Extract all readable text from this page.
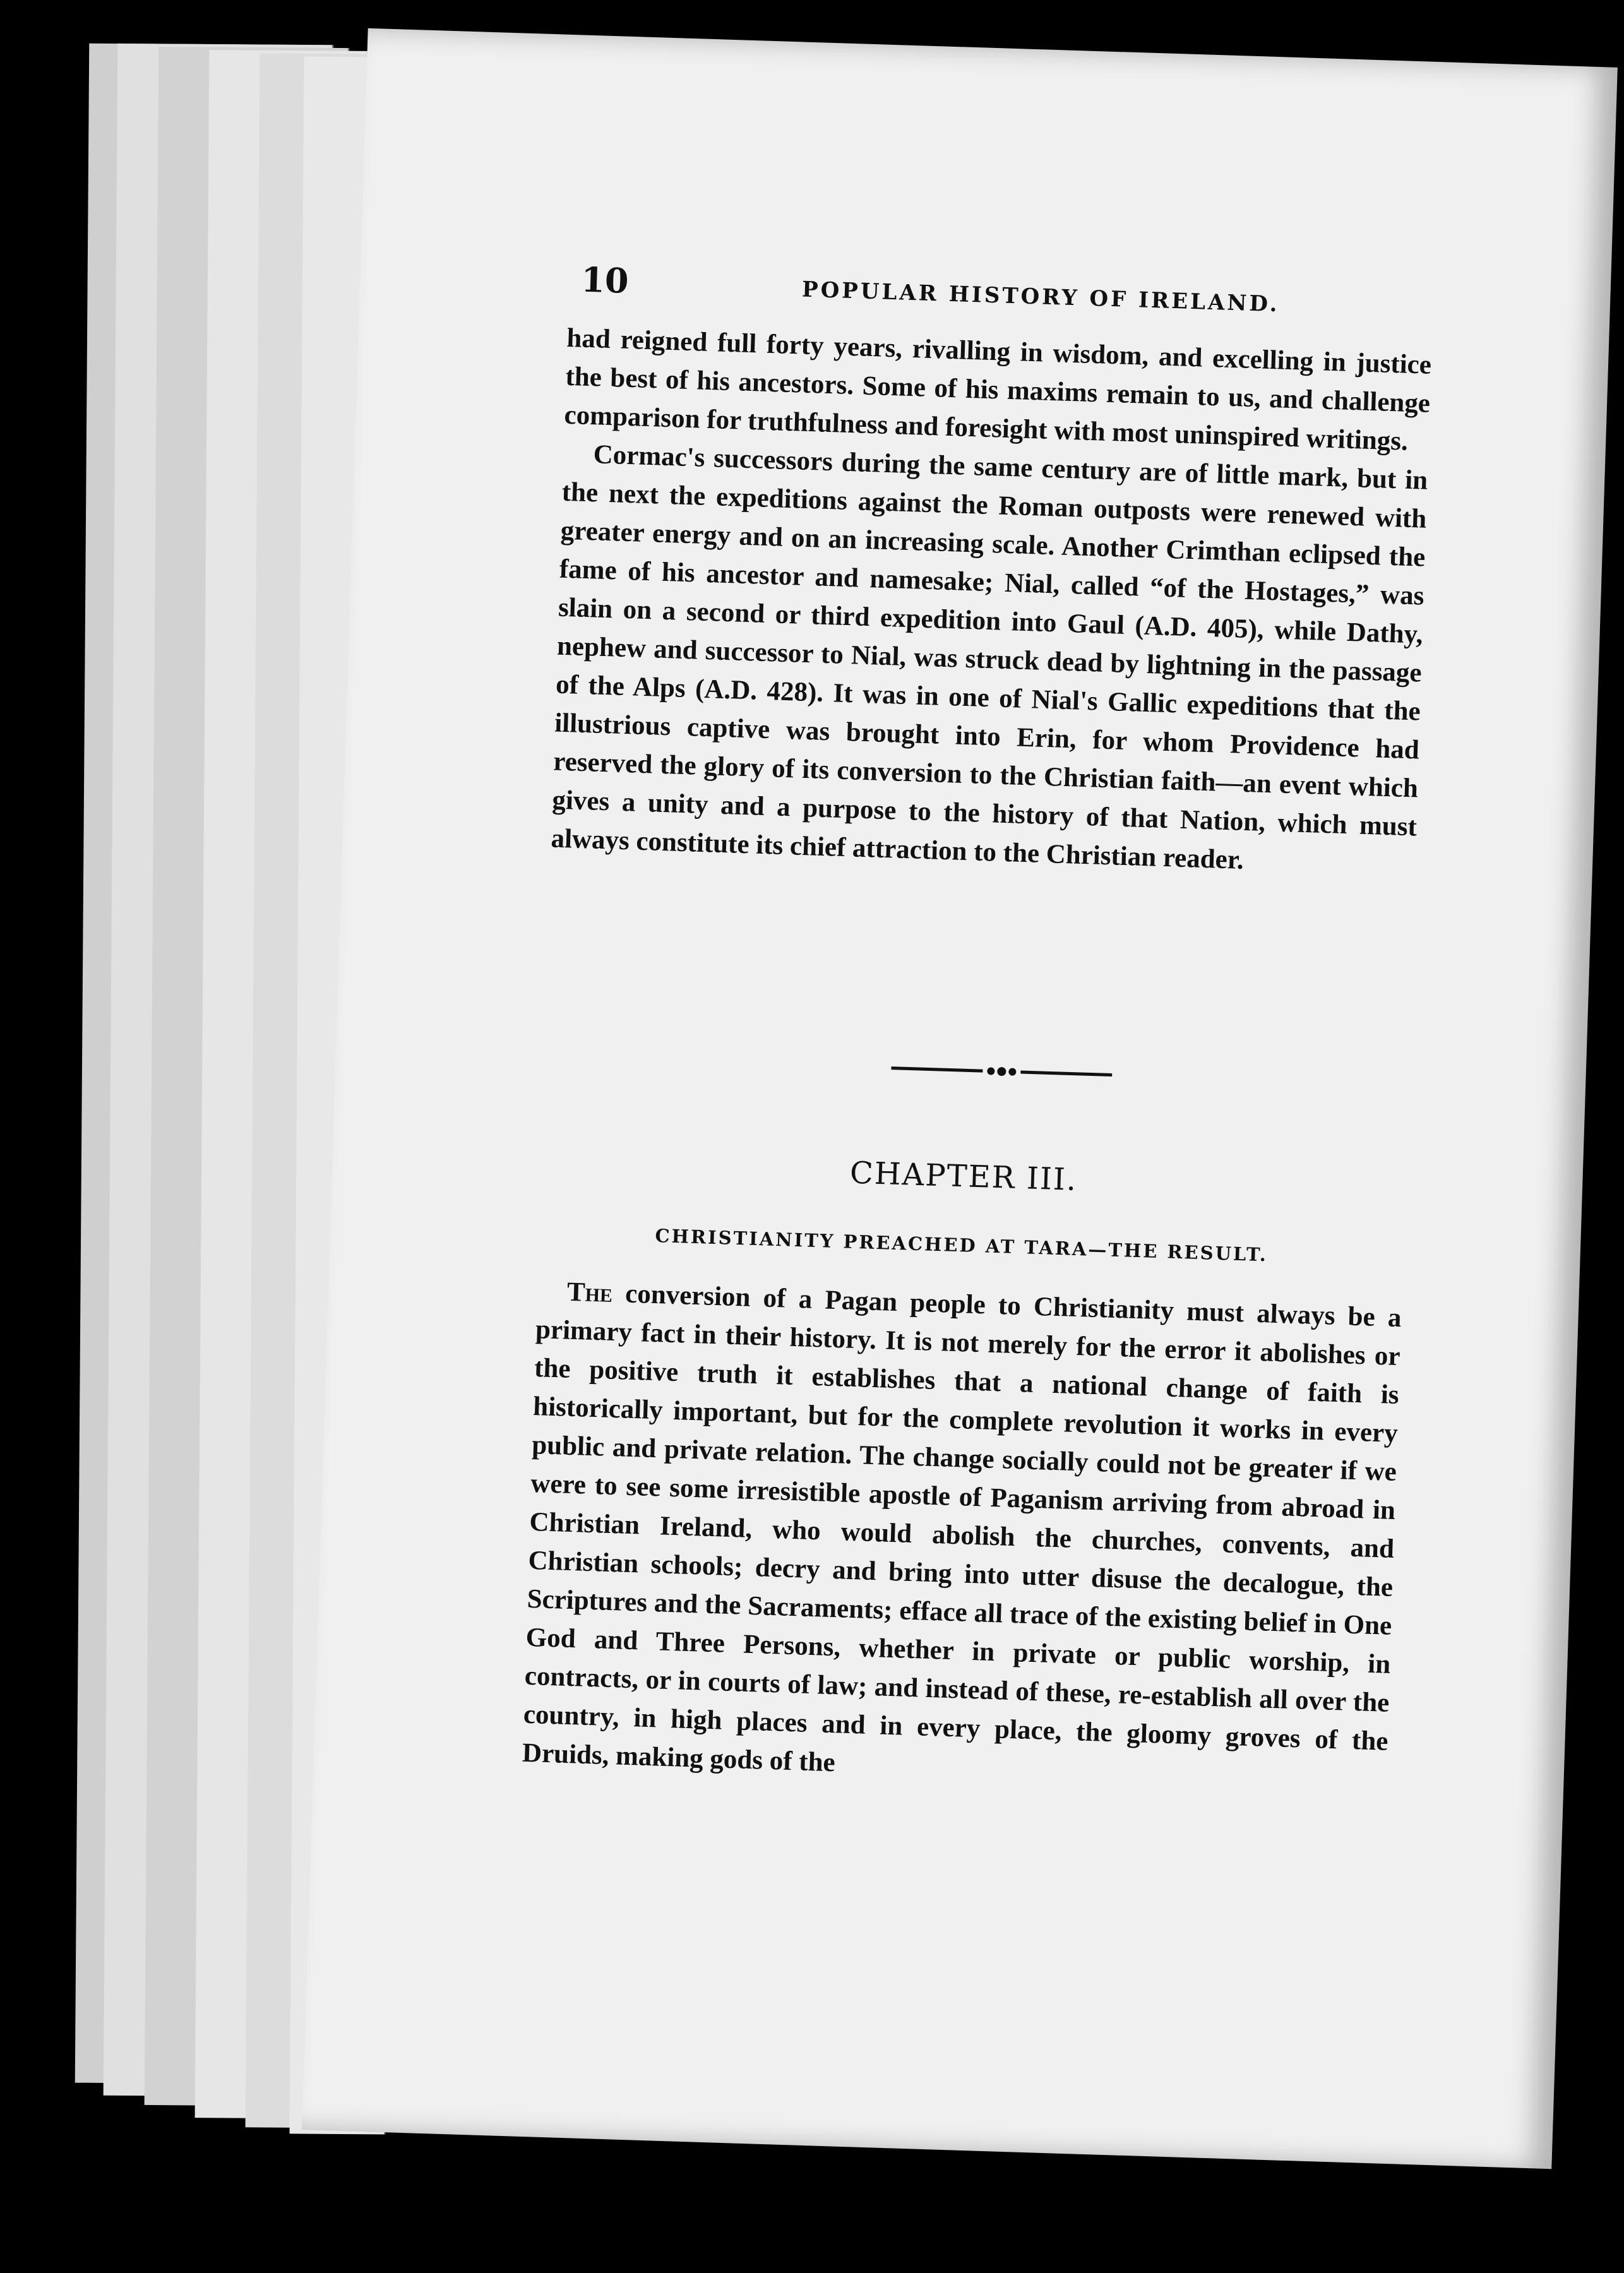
10	POPULAR HISTORY OF IRELAND.

had reigned full forty years, rivalling in wisdom, and excelling in justice the best of his ancestors. Some of his maxims remain to us, and challenge comparison for truthfulness and foresight with most uninspired writings.

Cormac's successors during the same century are of little mark, but in the next the expeditions against the Roman outposts were renewed with greater energy and on an increasing scale. Another Crimthan eclipsed the fame of his ancestor and namesake; Nial, called “of the Hostages,” was slain on a second or third expedition into Gaul (A.D. 405), while Dathy, nephew and successor to Nial, was struck dead by lightning in the passage of the Alps (A.D. 428). It was in one of Nial's Gallic expeditions that the illustrious captive was brought into Erin, for whom Providence had reserved the glory of its conversion to the Christian faith—an event which gives a unity and a purpose to the history of that Nation, which must always constitute its chief attraction to the Christian reader.

CHAPTER III.
CHRISTIANITY PREACHED AT TARA—THE RESULT.

The conversion of a Pagan people to Christianity must always be a primary fact in their history. It is not merely for the error it abolishes or the positive truth it establishes that a national change of faith is historically important, but for the complete revolution it works in every public and private relation. The change socially could not be greater if we were to see some irresistible apostle of Paganism arriving from abroad in Christian Ireland, who would abolish the churches, convents, and Christian schools; decry and bring into utter disuse the decalogue, the Scriptures and the Sacraments; efface all trace of the existing belief in One God and Three Persons, whether in private or public worship, in contracts, or in courts of law; and instead of these, re-establish all over the country, in high places and in every place, the gloomy groves of the Druids, making gods of the
